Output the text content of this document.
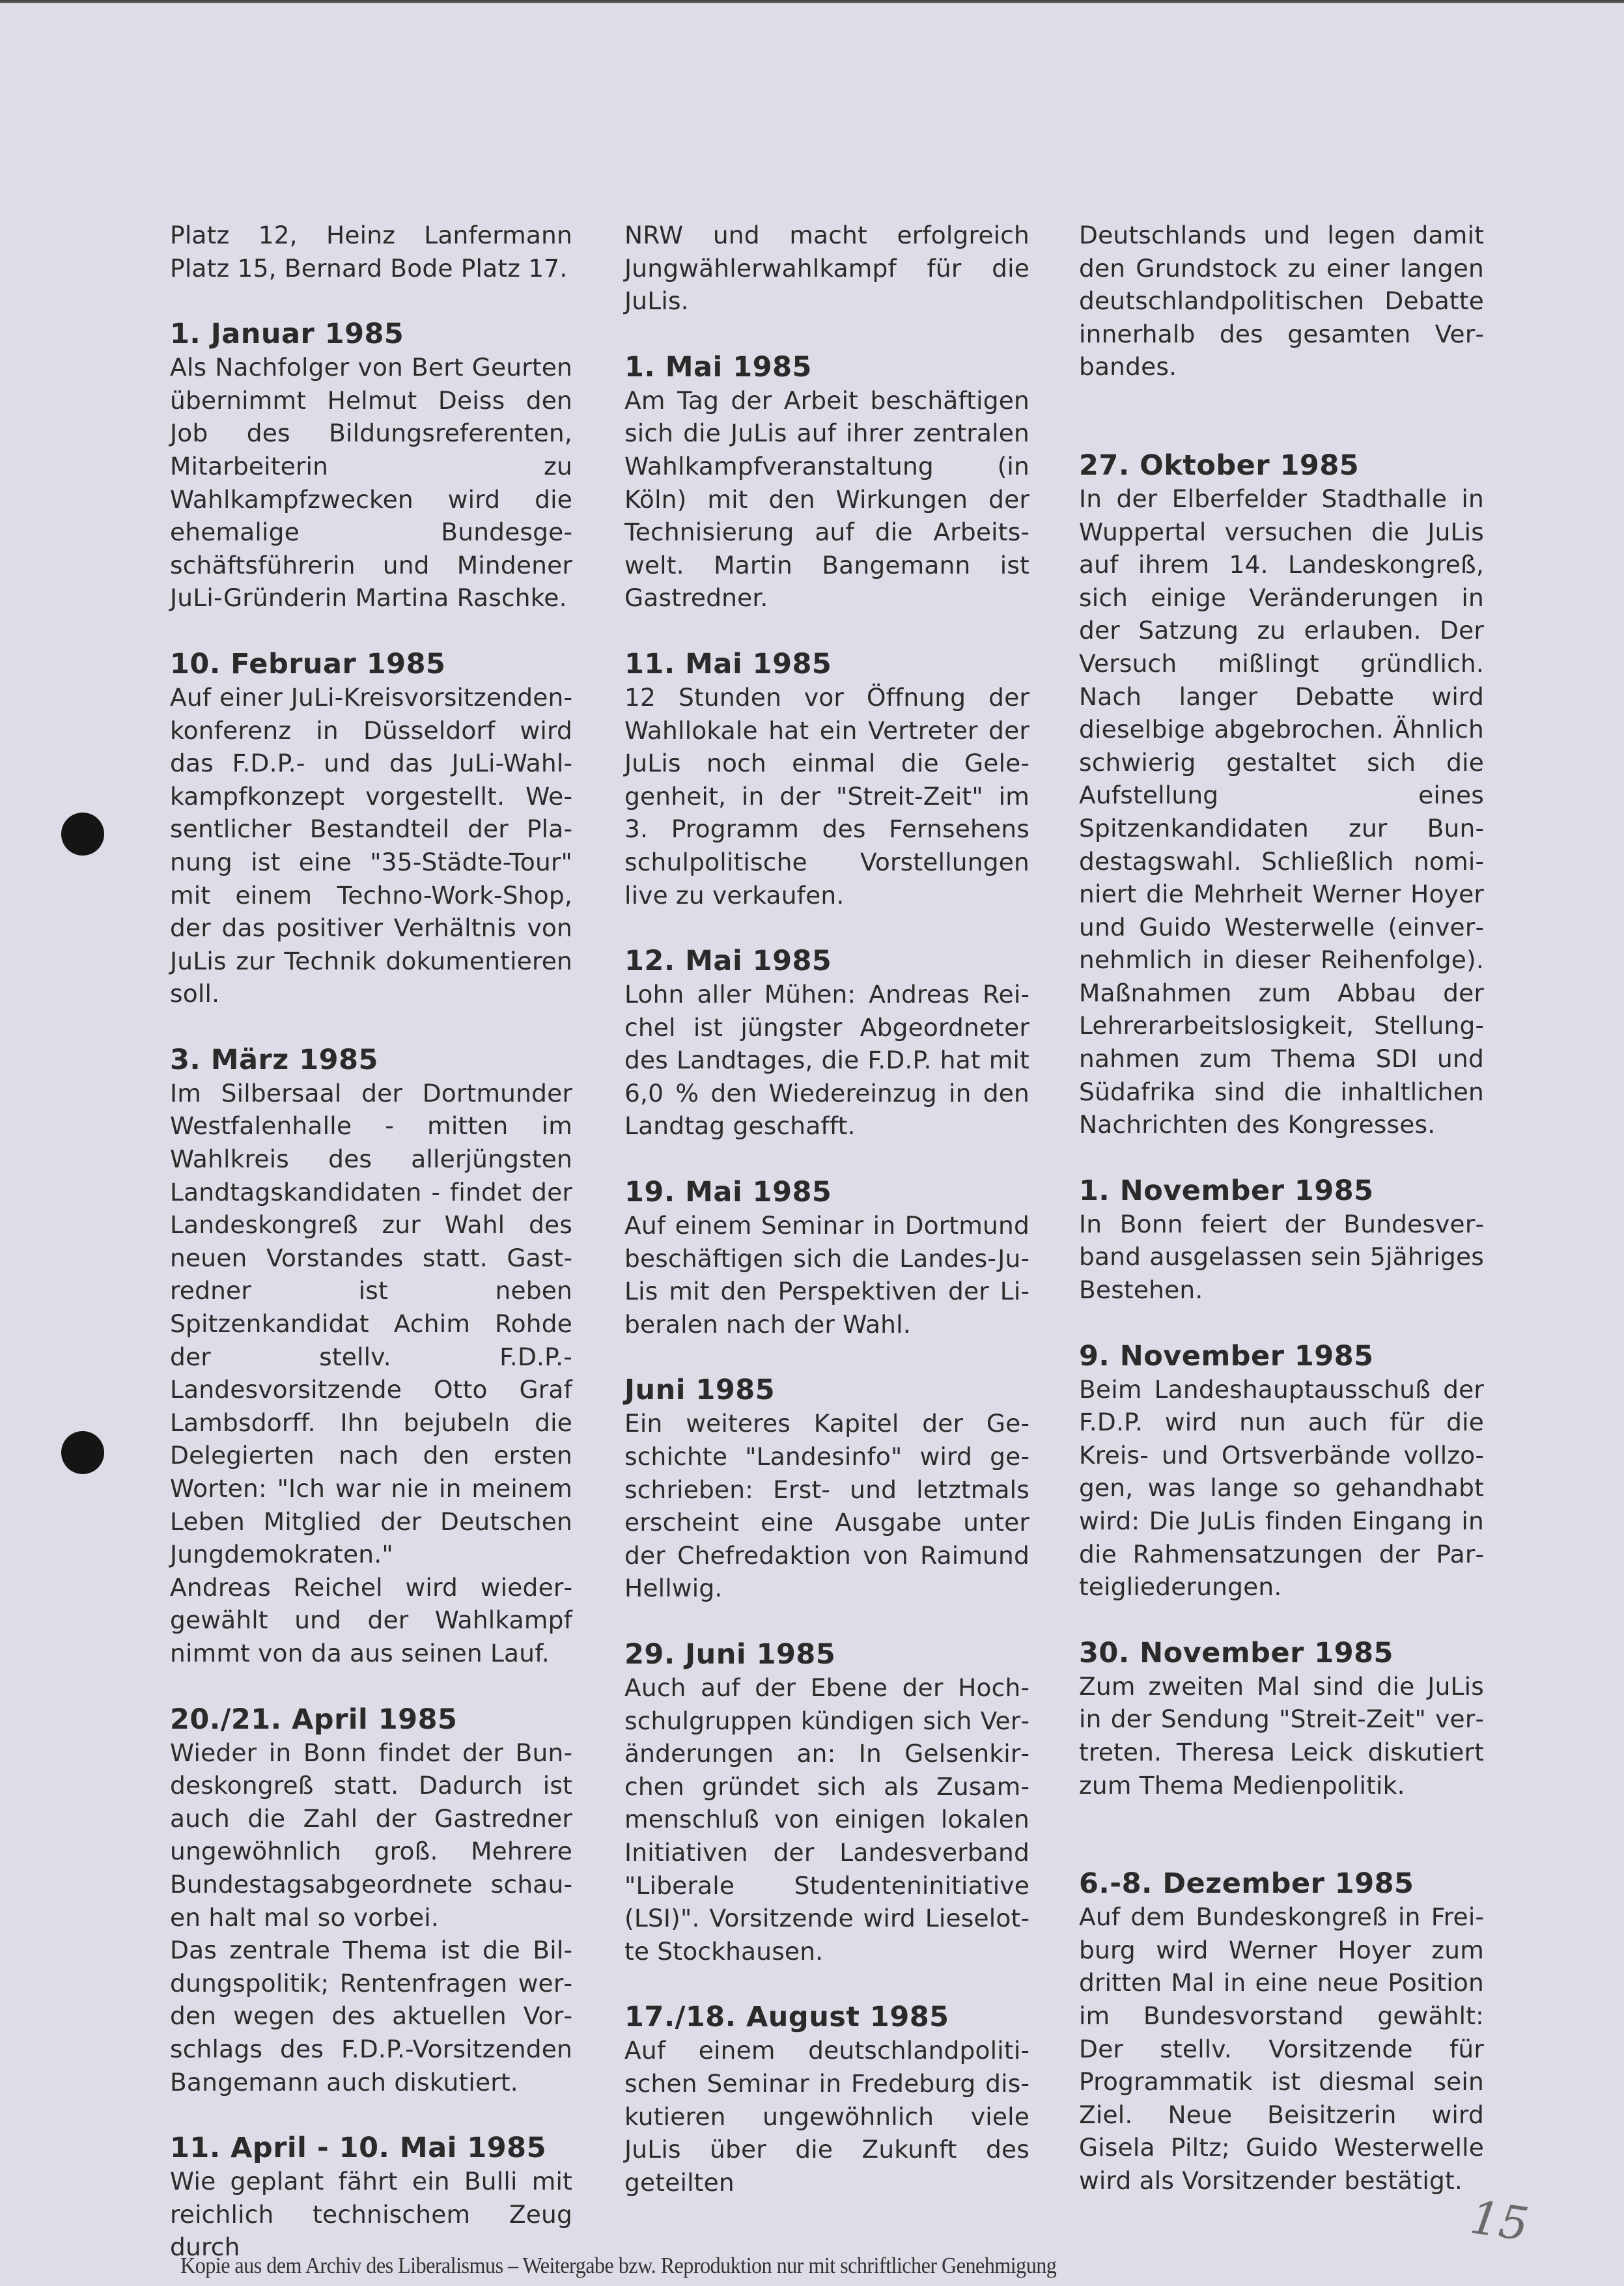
Platz 12, Heinz Lanfermann Platz 15, Bernard Bode Platz 17.

1. Januar 1985

Als Nachfolger von Bert Geurten übernimmt Helmut Deiss den Job des Bildungsreferenten, Mitarbeiterin zu Wahlkampfzwecken wird die ehemalige Bundesgeschäftsführerin und Mindener JuLi-Gründerin Martina Raschke.

10. Februar 1985

Auf einer JuLi-Kreisvorsitzendenkonferenz in Düsseldorf wird das F.D.P.- und das JuLi-Wahlkampfkonzept vorgestellt. Wesentlicher Bestandteil der Planung ist eine "35-Städte-Tour" mit einem Techno-Work-Shop, der das positiver Verhältnis von JuLis zur Technik dokumentieren soll.

3. März 1985

Im Silbersaal der Dortmunder Westfalenhalle - mitten im Wahlkreis des allerjüngsten Landtagskandidaten - findet der Landeskongreß zur Wahl des neuen Vorstandes statt. Gastredner ist neben Spitzenkandidat Achim Rohde der stellv. F.D.P.-Landesvorsitzende Otto Graf Lambsdorff. Ihn bejubeln die Delegierten nach den ersten Worten: "Ich war nie in meinem Leben Mitglied der Deutschen Jungdemokraten."

Andreas Reichel wird wiedergewählt und der Wahlkampf nimmt von da aus seinen Lauf.

20./21. April 1985

Wieder in Bonn findet der Bundeskongreß statt. Dadurch ist auch die Zahl der Gastredner ungewöhnlich groß. Mehrere Bundestagsabgeordnete schauen halt mal so vorbei.

Das zentrale Thema ist die Bildungspolitik; Rentenfragen werden wegen des aktuellen Vorschlags des F.D.P.-Vorsitzenden Bangemann auch diskutiert.

11. April - 10. Mai 1985

Wie geplant fährt ein Bulli mit reichlich technischem Zeug durch

NRW und macht erfolgreich Jungwählerwahlkampf für die JuLis.

1. Mai 1985

Am Tag der Arbeit beschäftigen sich die JuLis auf ihrer zentralen Wahlkampfveranstaltung (in Köln) mit den Wirkungen der Technisierung auf die Arbeitswelt. Martin Bangemann ist Gastredner.

11. Mai 1985

12 Stunden vor Öffnung der Wahllokale hat ein Vertreter der JuLis noch einmal die Gelegenheit, in der "Streit-Zeit" im 3. Programm des Fernsehens schulpolitische Vorstellungen live zu verkaufen.

12. Mai 1985

Lohn aller Mühen: Andreas Reichel ist jüngster Abgeordneter des Landtages, die F.D.P. hat mit 6,0 % den Wiedereinzug in den Landtag geschafft.

19. Mai 1985

Auf einem Seminar in Dortmund beschäftigen sich die Landes-JuLis mit den Perspektiven der Liberalen nach der Wahl.

Juni 1985

Ein weiteres Kapitel der Geschichte "Landesinfo" wird geschrieben: Erst- und letztmals erscheint eine Ausgabe unter der Chefredaktion von Raimund Hellwig.

29. Juni 1985

Auch auf der Ebene der Hochschulgruppen kündigen sich Veränderungen an: In Gelsenkirchen gründet sich als Zusammenschluß von einigen lokalen Initiativen der Landesverband "Liberale Studenteninitiative (LSI)". Vorsitzende wird Lieselotte Stockhausen.

17./18. August 1985

Auf einem deutschlandpolitischen Seminar in Fredeburg diskutieren ungewöhnlich viele JuLis über die Zukunft des geteilten

Deutschlands und legen damit den Grundstock zu einer langen deutschlandpolitischen Debatte innerhalb des gesamten Verbandes.

27. Oktober 1985

In der Elberfelder Stadthalle in Wuppertal versuchen die JuLis auf ihrem 14. Landeskongreß, sich einige Veränderungen in der Satzung zu erlauben. Der Versuch mißlingt gründlich. Nach langer Debatte wird dieselbige abgebrochen. Ähnlich schwierig gestaltet sich die Aufstellung eines Spitzenkandidaten zur Bundestagswahl. Schließlich nominiert die Mehrheit Werner Hoyer und Guido Westerwelle (einvernehmlich in dieser Reihenfolge). Maßnahmen zum Abbau der Lehrerarbeitslosigkeit, Stellungnahmen zum Thema SDI und Südafrika sind die inhaltlichen Nachrichten des Kongresses.

1. November 1985

In Bonn feiert der Bundesverband ausgelassen sein 5jähriges Bestehen.

9. November 1985

Beim Landeshauptausschuß der F.D.P. wird nun auch für die Kreis- und Ortsverbände vollzogen, was lange so gehandhabt wird: Die JuLis finden Eingang in die Rahmensatzungen der Parteigliederungen.

30. November 1985

Zum zweiten Mal sind die JuLis in der Sendung "Streit-Zeit" vertreten. Theresa Leick diskutiert zum Thema Medienpolitik.

6.-8. Dezember 1985

Auf dem Bundeskongreß in Freiburg wird Werner Hoyer zum dritten Mal in eine neue Position im Bundesvorstand gewählt: Der stellv. Vorsitzende für Programmatik ist diesmal sein Ziel. Neue Beisitzerin wird Gisela Piltz; Guido Westerwelle wird als Vorsitzender bestätigt.

15
Kopie aus dem Archiv des Liberalismus – Weitergabe bzw. Reproduktion nur mit schriftlicher Genehmigung
